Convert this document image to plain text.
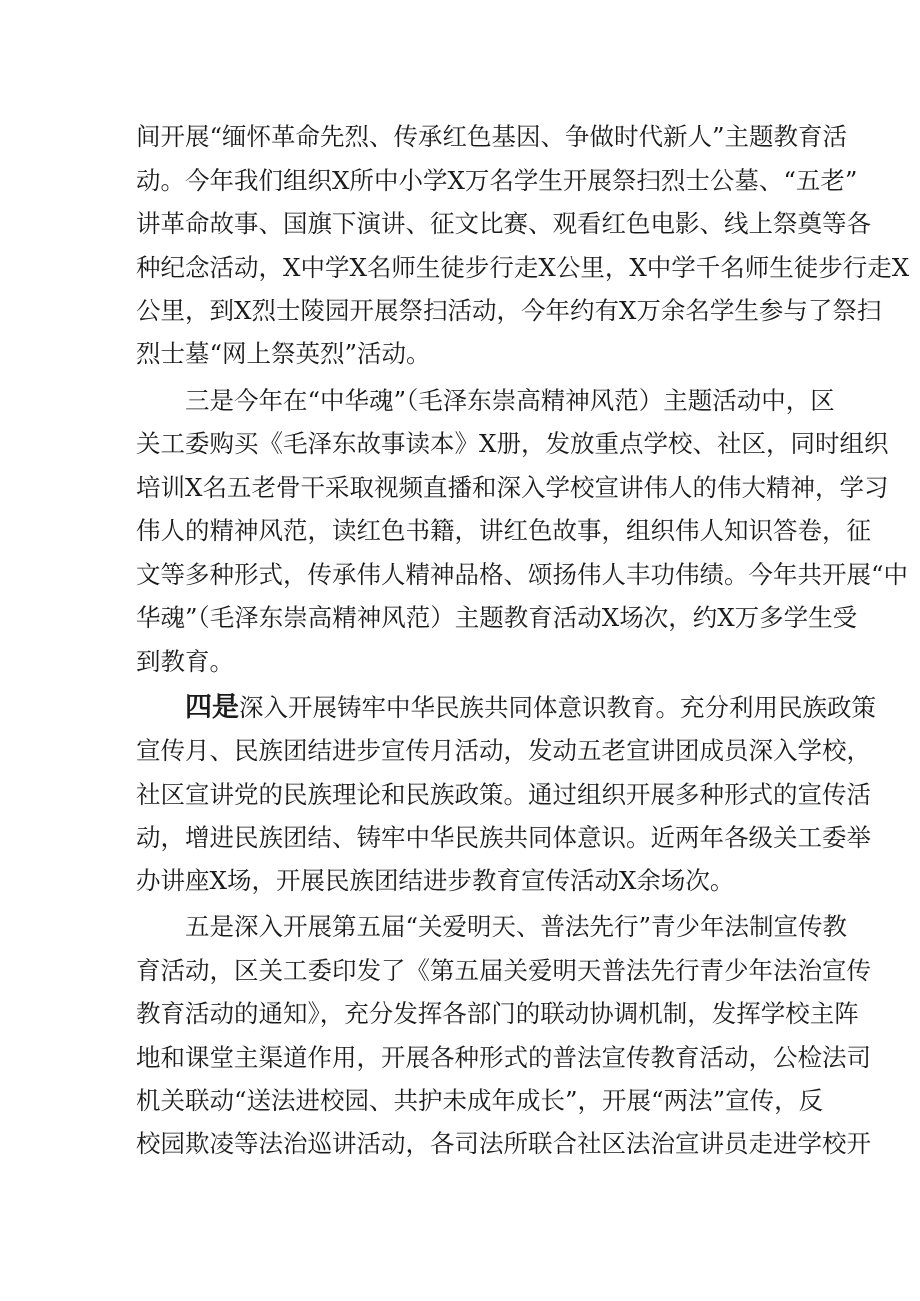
间开展“缅怀革命先烈、传承红色基因、争做时代新人”主题教育活
动。今年我们组织X所中小学X万名学生开展祭扫烈士公墓、“五老”
讲革命故事、国旗下演讲、征文比赛、观看红色电影、线上祭奠等各
种纪念活动，X中学X名师生徒步行走X公里，X中学千名师生徒步行走X
公里，到X烈士陵园开展祭扫活动，今年约有X万余名学生参与了祭扫
烈士墓“网上祭英烈”活动。
三是今年在“中华魂”（毛泽东崇高精神风范）主题活动中，区
关工委购买《毛泽东故事读本》X册，发放重点学校、社区，同时组织
培训X名五老骨干采取视频直播和深入学校宣讲伟人的伟大精神，学习
伟人的精神风范，读红色书籍，讲红色故事，组织伟人知识答卷，征
文等多种形式，传承伟人精神品格、颂扬伟人丰功伟绩。今年共开展“中
华魂”（毛泽东崇高精神风范）主题教育活动X场次，约X万多学生受
到教育。
四是深入开展铸牢中华民族共同体意识教育。充分利用民族政策
宣传月、民族团结进步宣传月活动，发动五老宣讲团成员深入学校，
社区宣讲党的民族理论和民族政策。通过组织开展多种形式的宣传活
动，增进民族团结、铸牢中华民族共同体意识。近两年各级关工委举
办讲座X场，开展民族团结进步教育宣传活动X余场次。
五是深入开展第五届“关爱明天、普法先行”青少年法制宣传教
育活动，区关工委印发了《第五届关爱明天普法先行青少年法治宣传
教育活动的通知》，充分发挥各部门的联动协调机制，发挥学校主阵
地和课堂主渠道作用，开展各种形式的普法宣传教育活动，公检法司
机关联动“送法进校园、共护未成年成长”，开展“两法”宣传，反
校园欺凌等法治巡讲活动，各司法所联合社区法治宣讲员走进学校开
